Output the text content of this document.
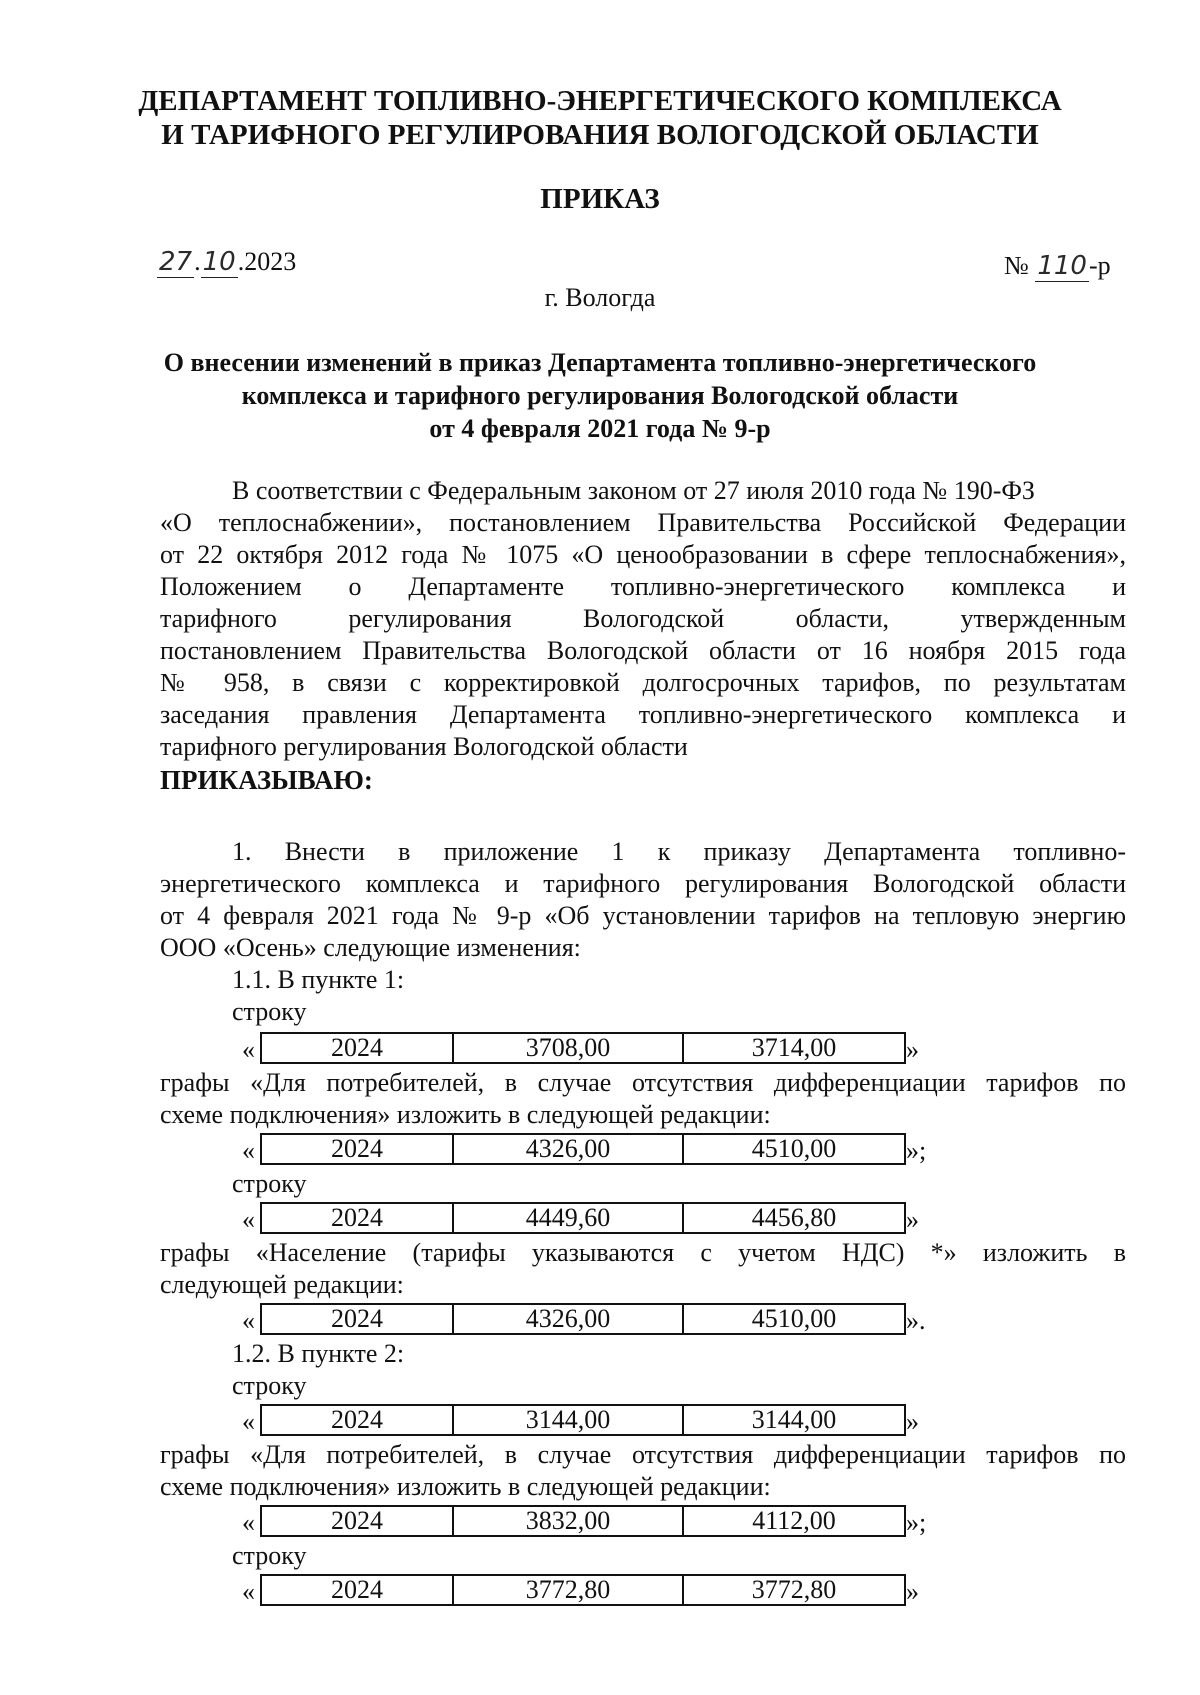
ДЕПАРТАМЕНТ ТОПЛИВНО-ЭНЕРГЕТИЧЕСКОГО КОМПЛЕКСА
И ТАРИФНОГО РЕГУЛИРОВАНИЯ ВОЛОГОДСКОЙ ОБЛАСТИ
ПРИКАЗ
27.10.2023	№ 110-р
г. Вологда
О внесении изменений в приказ Департамента топливно-энергетического
комплекса и тарифного регулирования Вологодской области
от 4 февраля 2021 года № 9-р
В соответствии с Федеральным законом от 27 июля 2010 года № 190-ФЗ
«О теплоснабжении», постановлением Правительства Российской Федерации
от 22 октября 2012 года № 1075 «О ценообразовании в сфере теплоснабжения»,
Положением о Департаменте топливно-энергетического комплекса и
тарифного регулирования Вологодской области, утвержденным
постановлением Правительства Вологодской области от 16 ноября 2015 года
№ 958, в связи с корректировкой долгосрочных тарифов, по результатам
заседания правления Департамента топливно-энергетического комплекса и
тарифного регулирования Вологодской области
ПРИКАЗЫВАЮ:
1. Внести в приложение 1 к приказу Департамента топливно-
энергетического комплекса и тарифного регулирования Вологодской области
от 4 февраля 2021 года № 9-р «Об установлении тарифов на тепловую энергию
ООО «Осень» следующие изменения:
1.1. В пункте 1:
строку
«	2024	3708,00	3714,00	»
графы «Для потребителей, в случае отсутствия дифференциации тарифов по
схеме подключения» изложить в следующей редакции:
«	2024	4326,00	4510,00	»;
строку
«	2024	4449,60	4456,80	»
графы «Население (тарифы указываются с учетом НДС) *» изложить в
следующей редакции:
«	2024	4326,00	4510,00	».
1.2. В пункте 2:
строку
«	2024	3144,00	3144,00	»
графы «Для потребителей, в случае отсутствия дифференциации тарифов по
схеме подключения» изложить в следующей редакции:
«	2024	3832,00	4112,00	»;
строку
«	2024	3772,80	3772,80	»
